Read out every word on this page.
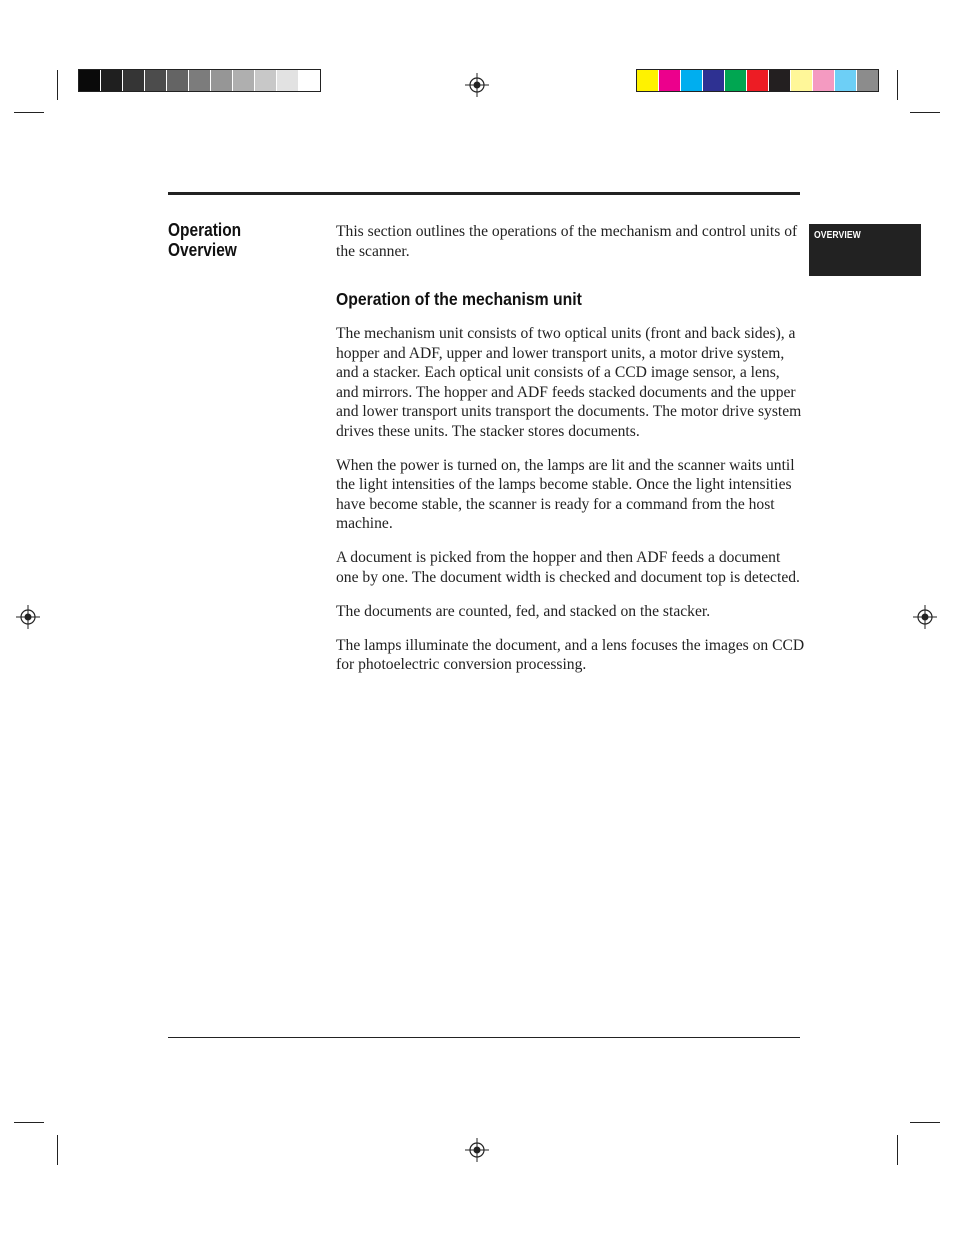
Operation
Overview
OVERVIEW

This section outlines the operations of the mechanism and control units of the scanner.

Operation of the mechanism unit

The mechanism unit consists of two optical units (front and back sides), a hopper and ADF, upper and lower transport units, a motor drive system, and a stacker. Each optical unit consists of a CCD image sensor, a lens, and mirrors. The hopper and ADF feeds stacked documents and the upper and lower transport units transport the documents. The motor drive system drives these units. The stacker stores documents.

When the power is turned on, the lamps are lit and the scanner waits until the light intensities of the lamps become stable. Once the light intensities have become stable, the scanner is ready for a command from the host machine.

A document is picked from the hopper and then ADF feeds a document one by one. The document width is checked and document top is detected.

The documents are counted, fed, and stacked on the stacker.

The lamps illuminate the document, and a lens focuses the images on CCD for photoelectric conversion processing.
